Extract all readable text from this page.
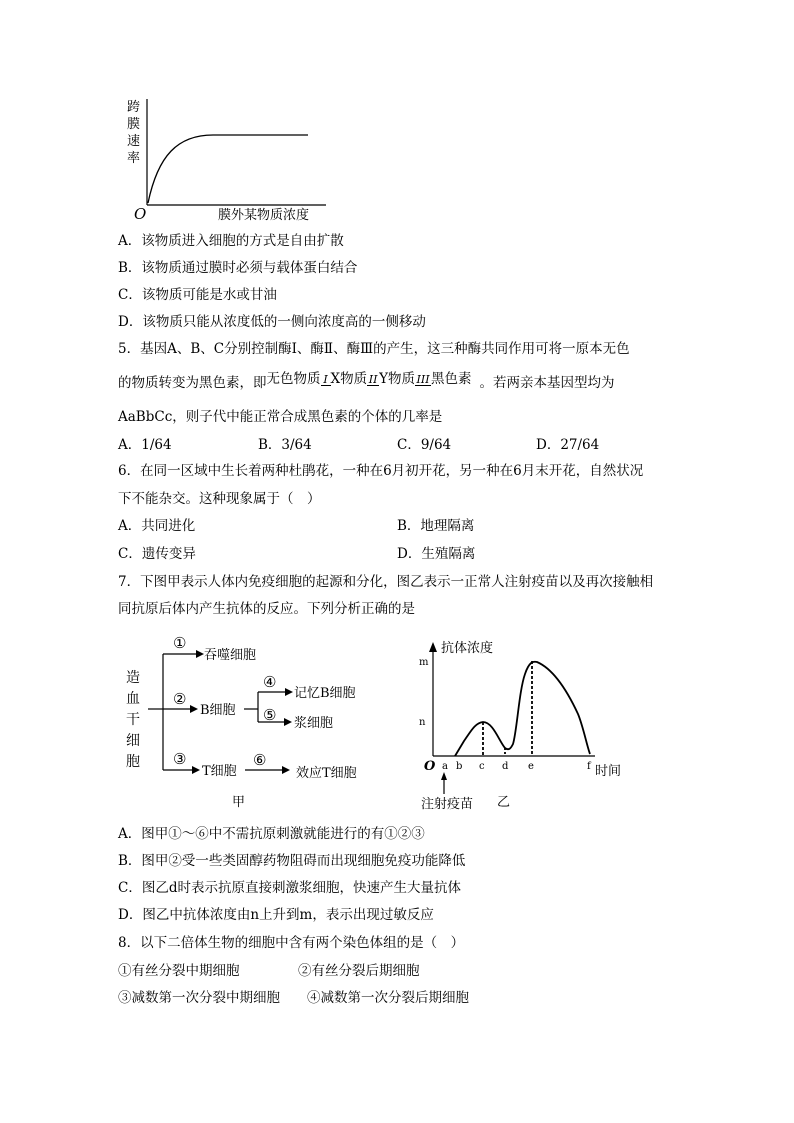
跨
膜
速
率
O	膜外某物质浓度
A．该物质进入细胞的方式是自由扩散
B．该物质通过膜时必须与载体蛋白结合
C．该物质可能是水或甘油
D．该物质只能从浓度低的一侧向浓度高的一侧移动
5．基因A、B、C分别控制酶Ⅰ、酶Ⅱ、酶Ⅲ的产生，这三种酶共同作用可将一原本无色
的物质转变为黑色素，即无色物质 I X物质 II Y物质III黑色素 。若两亲本基因型均为
AaBbCc，则子代中能正常合成黑色素的个体的几率是
A．1/64	B．3/64	C．9/64	D．27/64
6．在同一区域中生长着两种杜鹃花，一种在6月初开花，另一种在6月末开花，自然状况
下不能杂交。这种现象属于（　）
A．共同进化	B．地理隔离
C．遗传变异	D．生殖隔离
7．下图甲表示人体内免疫细胞的起源和分化，图乙表示一正常人注射疫苗以及再次接触相
同抗原后体内产生抗体的反应。下列分析正确的是
造
血
干
细
胞
①
②
③
吞噬细胞
B细胞
④
⑤
记忆B细胞
浆细胞
T细胞
⑥
效应T细胞
甲
抗体浓度
m
n
O a b c d e	f 时间
注射疫苗 乙
A．图甲①～⑥中不需抗原刺激就能进行的有①②③
B．图甲②受一些类固醇药物阻碍而出现细胞免疫功能降低
C．图乙d时表示抗原直接刺激浆细胞，快速产生大量抗体
D．图乙中抗体浓度由n上升到m，表示出现过敏反应
8．以下二倍体生物的细胞中含有两个染色体组的是（　）
①有丝分裂中期细胞	②有丝分裂后期细胞
③减数第一次分裂中期细胞 ④减数第一次分裂后期细胞
